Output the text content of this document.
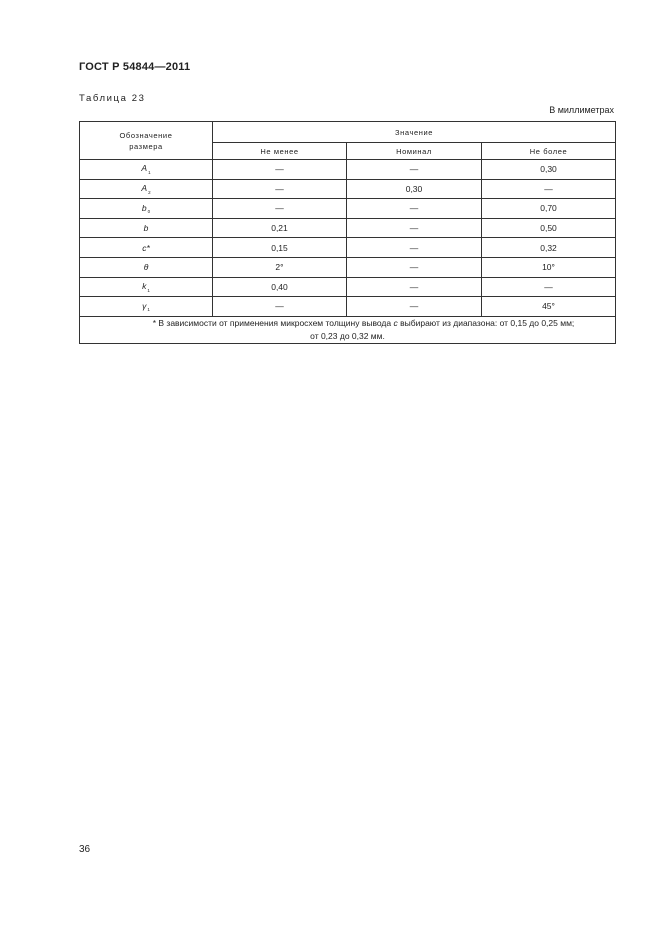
ГОСТ Р 54844—2011
Таблица 23
В миллиметрах
Обозначение размера	Значение		
	Не менее	Номинал	Не более
$A_1$	—	—	0,30
$A_2$	—	0,30	—
$b_0$	—	—	0,70
b	0,21	—	0,50
c*	0,15	—	0,32
θ	2°	—	10°
$k_1$	0,40	—	—
$\gamma_1$	—	—	45°

* В зависимости от применения микросхем толщину вывода с выбирают из диапазона: от 0,15 до 0,25 мм;
от 0,23 до 0,32 мм.			
36
